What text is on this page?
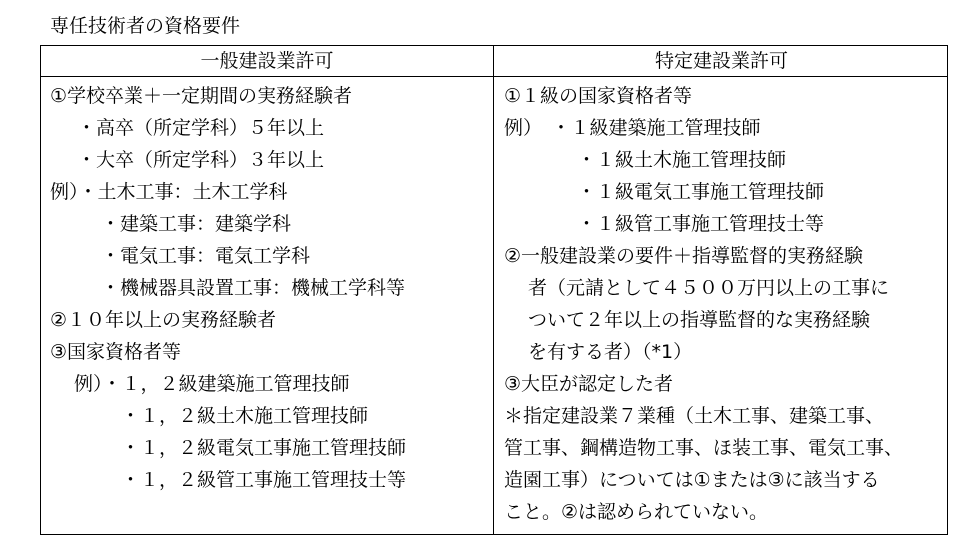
専任技術者の資格要件
一般建設業許可	特定建設業許可
①学校卒業＋一定期間の実務経験者
・高卒（所定学科）５年以上
・大卒（所定学科）３年以上
例）・土木工事：土木工学科
・建築工事：建築学科
・電気工事：電気工学科
・機械器具設置工事：機械工学科等
②１０年以上の実務経験者
③国家資格者等
例）・１，２級建築施工管理技師
・１，２級土木施工管理技師
・１，２級電気工事施工管理技師
・１，２級管工事施工管理技士等
①１級の国家資格者等
例）　・１級建築施工管理技師
・１級土木施工管理技師
・１級電気工事施工管理技師
・１級管工事施工管理技士等
②一般建設業の要件＋指導監督的実務経験
者（元請として４５００万円以上の工事に
ついて２年以上の指導監督的な実務経験
を有する者）（*1）
③大臣が認定した者
＊指定建設業７業種（土木工事、建築工事、
管工事、鋼構造物工事、ほ装工事、電気工事、
造園工事）については①または③に該当する
こと。②は認められていない。
